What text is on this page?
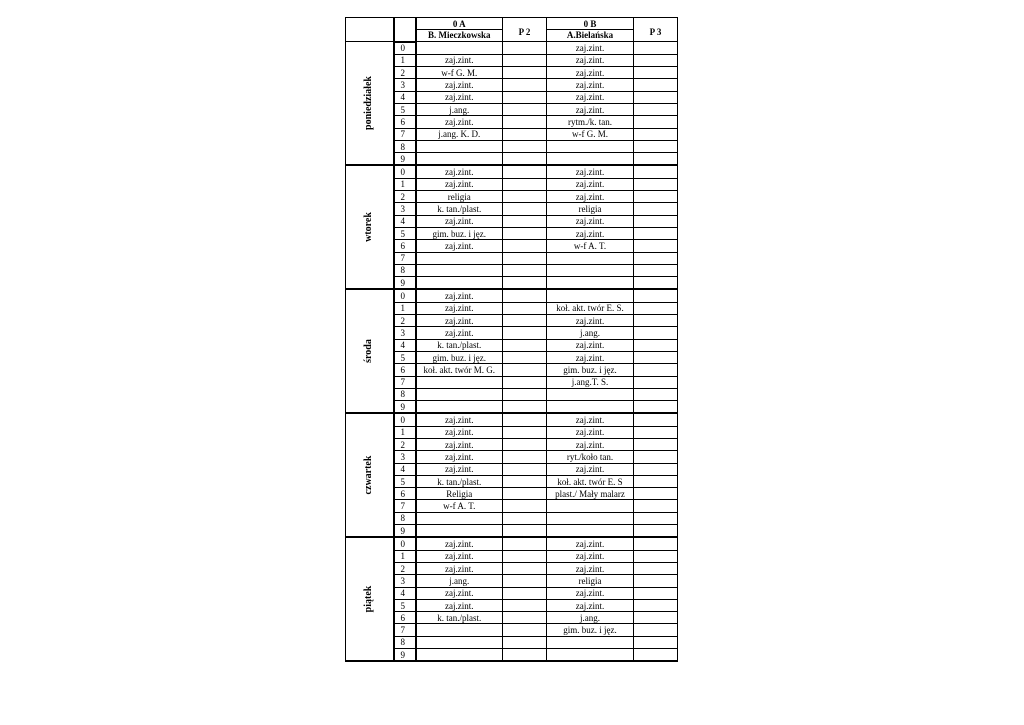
		0 A	P 2	0 B	P 3
		B. Mieczkowska		A.Bielańska	

poniedziałek	0			zaj.zint.	
	1	zaj.zint.		zaj.zint.	
	2	w-f G. M.		zaj.zint.	
	3	zaj.zint.		zaj.zint.	
	4	zaj.zint.		zaj.zint.	
	5	j.ang.		zaj.zint.	
	6	zaj.zint.		rytm./k. tan.	
	7	j.ang. K. D.		w-f G. M.	
	8				
	9				

wtorek	0	zaj.zint.		zaj.zint.	
	1	zaj.zint.		zaj.zint.	
	2	religia		zaj.zint.	
	3	k. tan./plast.		religia	
	4	zaj.zint.		zaj.zint.	
	5	gim. buz. i jęz.		zaj.zint.	
	6	zaj.zint.		w-f A. T.	
	7				
	8				
	9				

środa	0	zaj.zint.			
	1	zaj.zint.		koł. akt. twór E. S.	
	2	zaj.zint.		zaj.zint.	
	3	zaj.zint.		j.ang.	
	4	k. tan./plast.		zaj.zint.	
	5	gim. buz. i jęz.		zaj.zint.	
	6	koł. akt. twór M. G.		gim. buz. i jęz.	
	7			j.ang.T. S.	
	8				
	9				

czwartek	0	zaj.zint.		zaj.zint.	
	1	zaj.zint.		zaj.zint.	
	2	zaj.zint.		zaj.zint.	
	3	zaj.zint.		ryt./koło tan.	
	4	zaj.zint.		zaj.zint.	
	5	k. tan./plast.		koł. akt. twór E. S	
	6	Religia		plast./ Mały malarz	
	7	w-f A. T.			
	8				
	9				

piątek	0	zaj.zint.		zaj.zint.	
	1	zaj.zint.		zaj.zint.	
	2	zaj.zint.		zaj.zint.	
	3	j.ang.		religia	
	4	zaj.zint.		zaj.zint.	
	5	zaj.zint.		zaj.zint.	
	6	k. tan./plast.		j.ang.	
	7			gim. buz. i jęz.	
	8				
	9				
